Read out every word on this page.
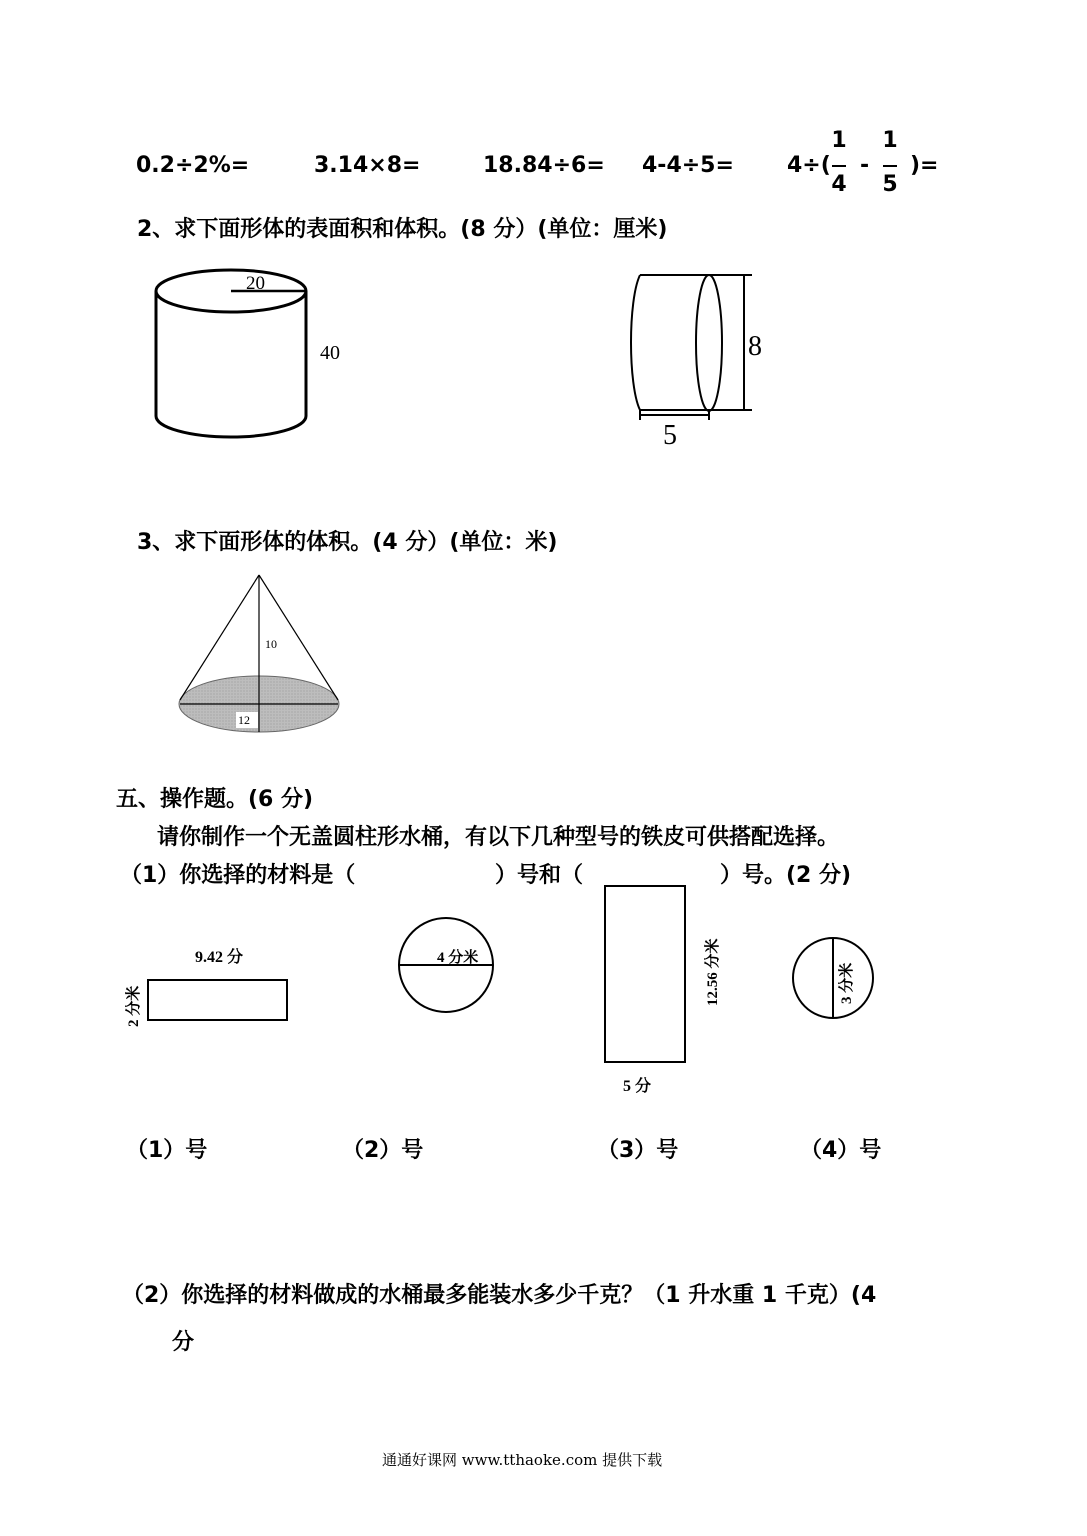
0.2÷2%=	3.14×8=	18.84÷6= 4-4÷5= 4÷(
1
4
-
1
5
)=
2、求下面形体的表面积和体积。(8 分）(单位：厘米)
3、求下面形体的体积。(4 分）(单位：米)
五、操作题。(6 分)
请你制作一个无盖圆柱形水桶，有以下几种型号的铁皮可供搭配选择。
（1）你选择的材料是（	）号和（	）号。(2 分)
（1）号	（2）号	（3）号	（4）号
（2）你选择的材料做成的水桶最多能装水多少千克？（1 升水重 1 千克）(4
分
20
40	8
5
10
12
9.42 分
2 分米
4 分米	12.56 分米
5 分
3 分米
通通好课网 www.tthaoke.com 提供下载
